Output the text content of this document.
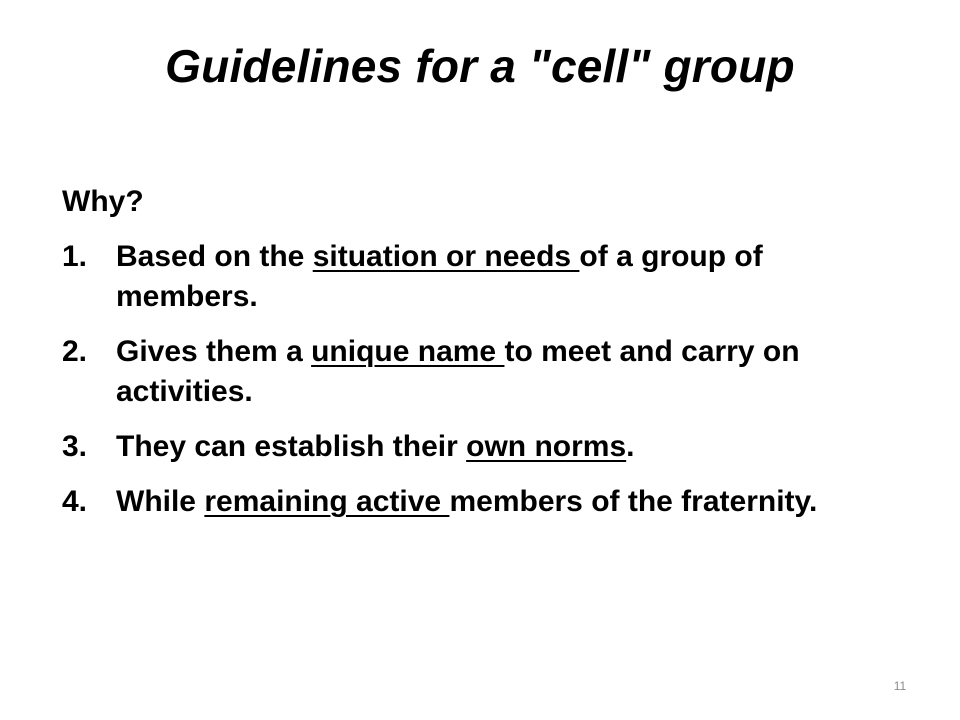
Guidelines for a "cell" group

Why?

1. Based on the situation or needs of a group of members.
2. Gives them a unique name to meet and carry on activities.
3. They can establish their own norms.
4. While remaining active members of the fraternity.
11
